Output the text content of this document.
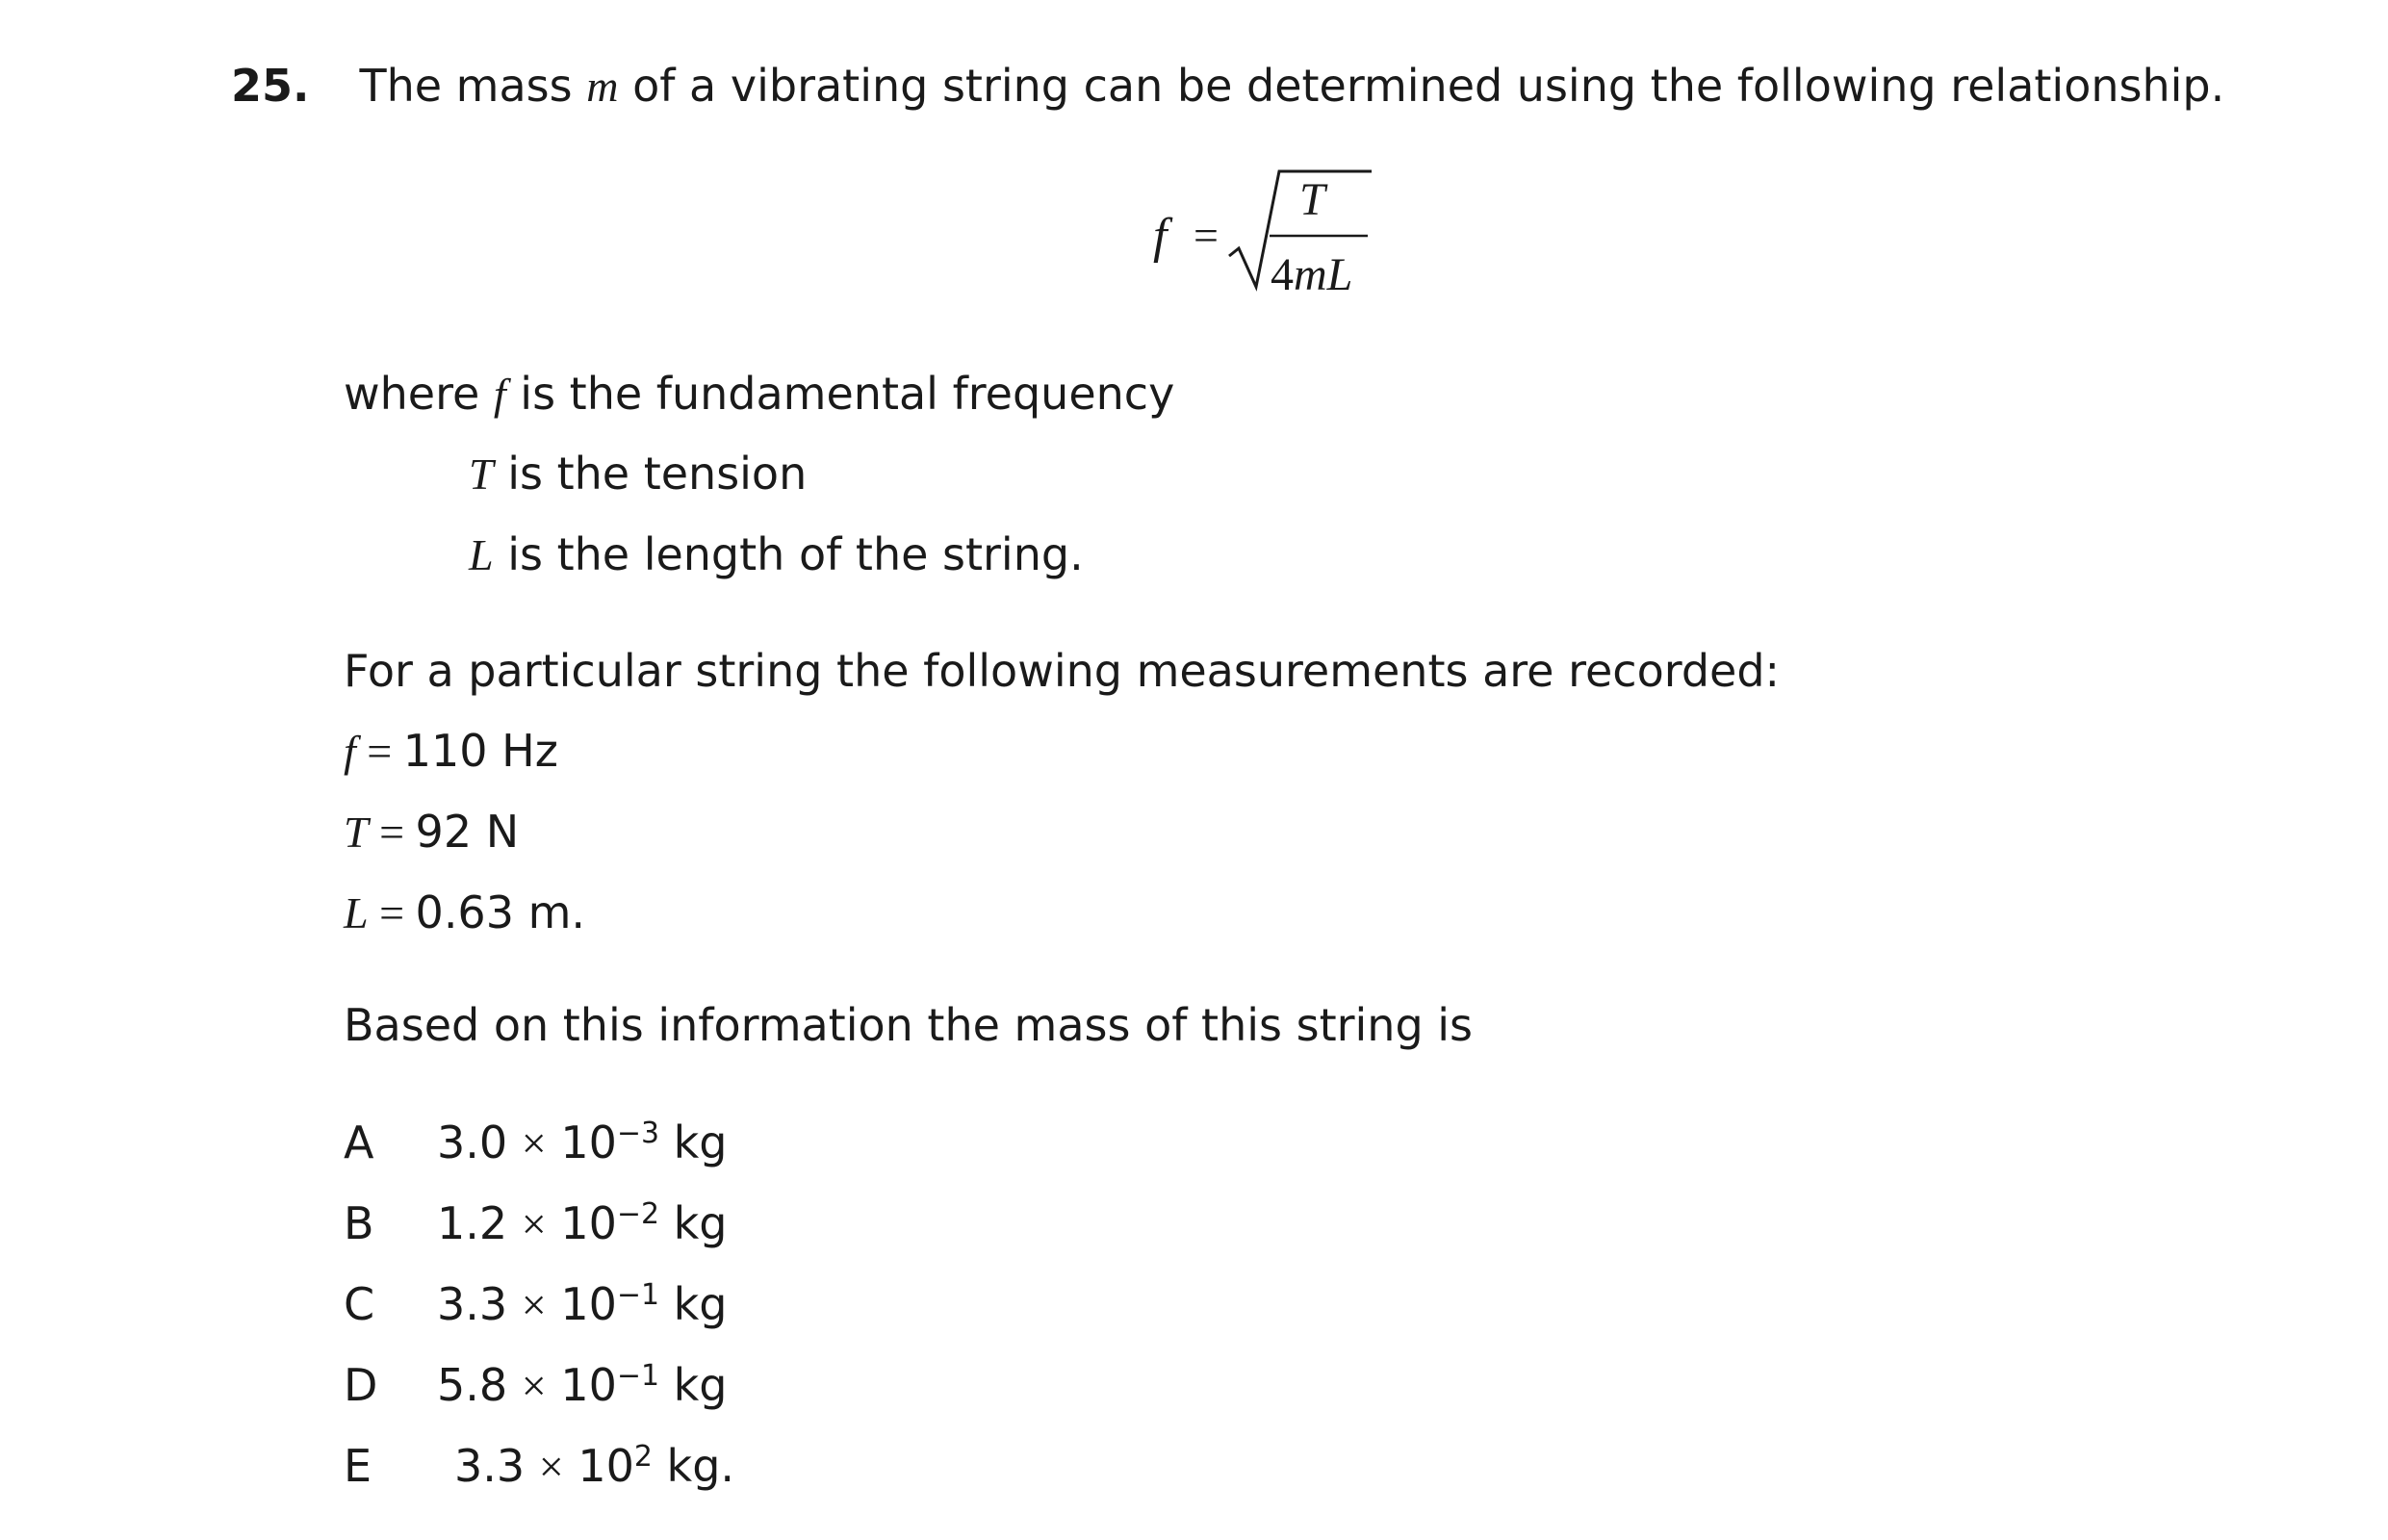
25. The mass m of a vibrating string can be determined using the following relationship.
f =
T
4mL
where f is the fundamental frequency
T is the tension
L is the length of the string.
For a particular string the following measurements are recorded:
f = 110 Hz
T = 92 N
L = 0.63 m.
Based on this information the mass of this string is
A $3.0 \times 10^{-3}$ kg
B $1.2 \times 10^{-2}$ kg
C $3.3 \times 10^{-1}$ kg
D $5.8 \times 10^{-1}$ kg
E $3.3 \times 10^2$ kg.
